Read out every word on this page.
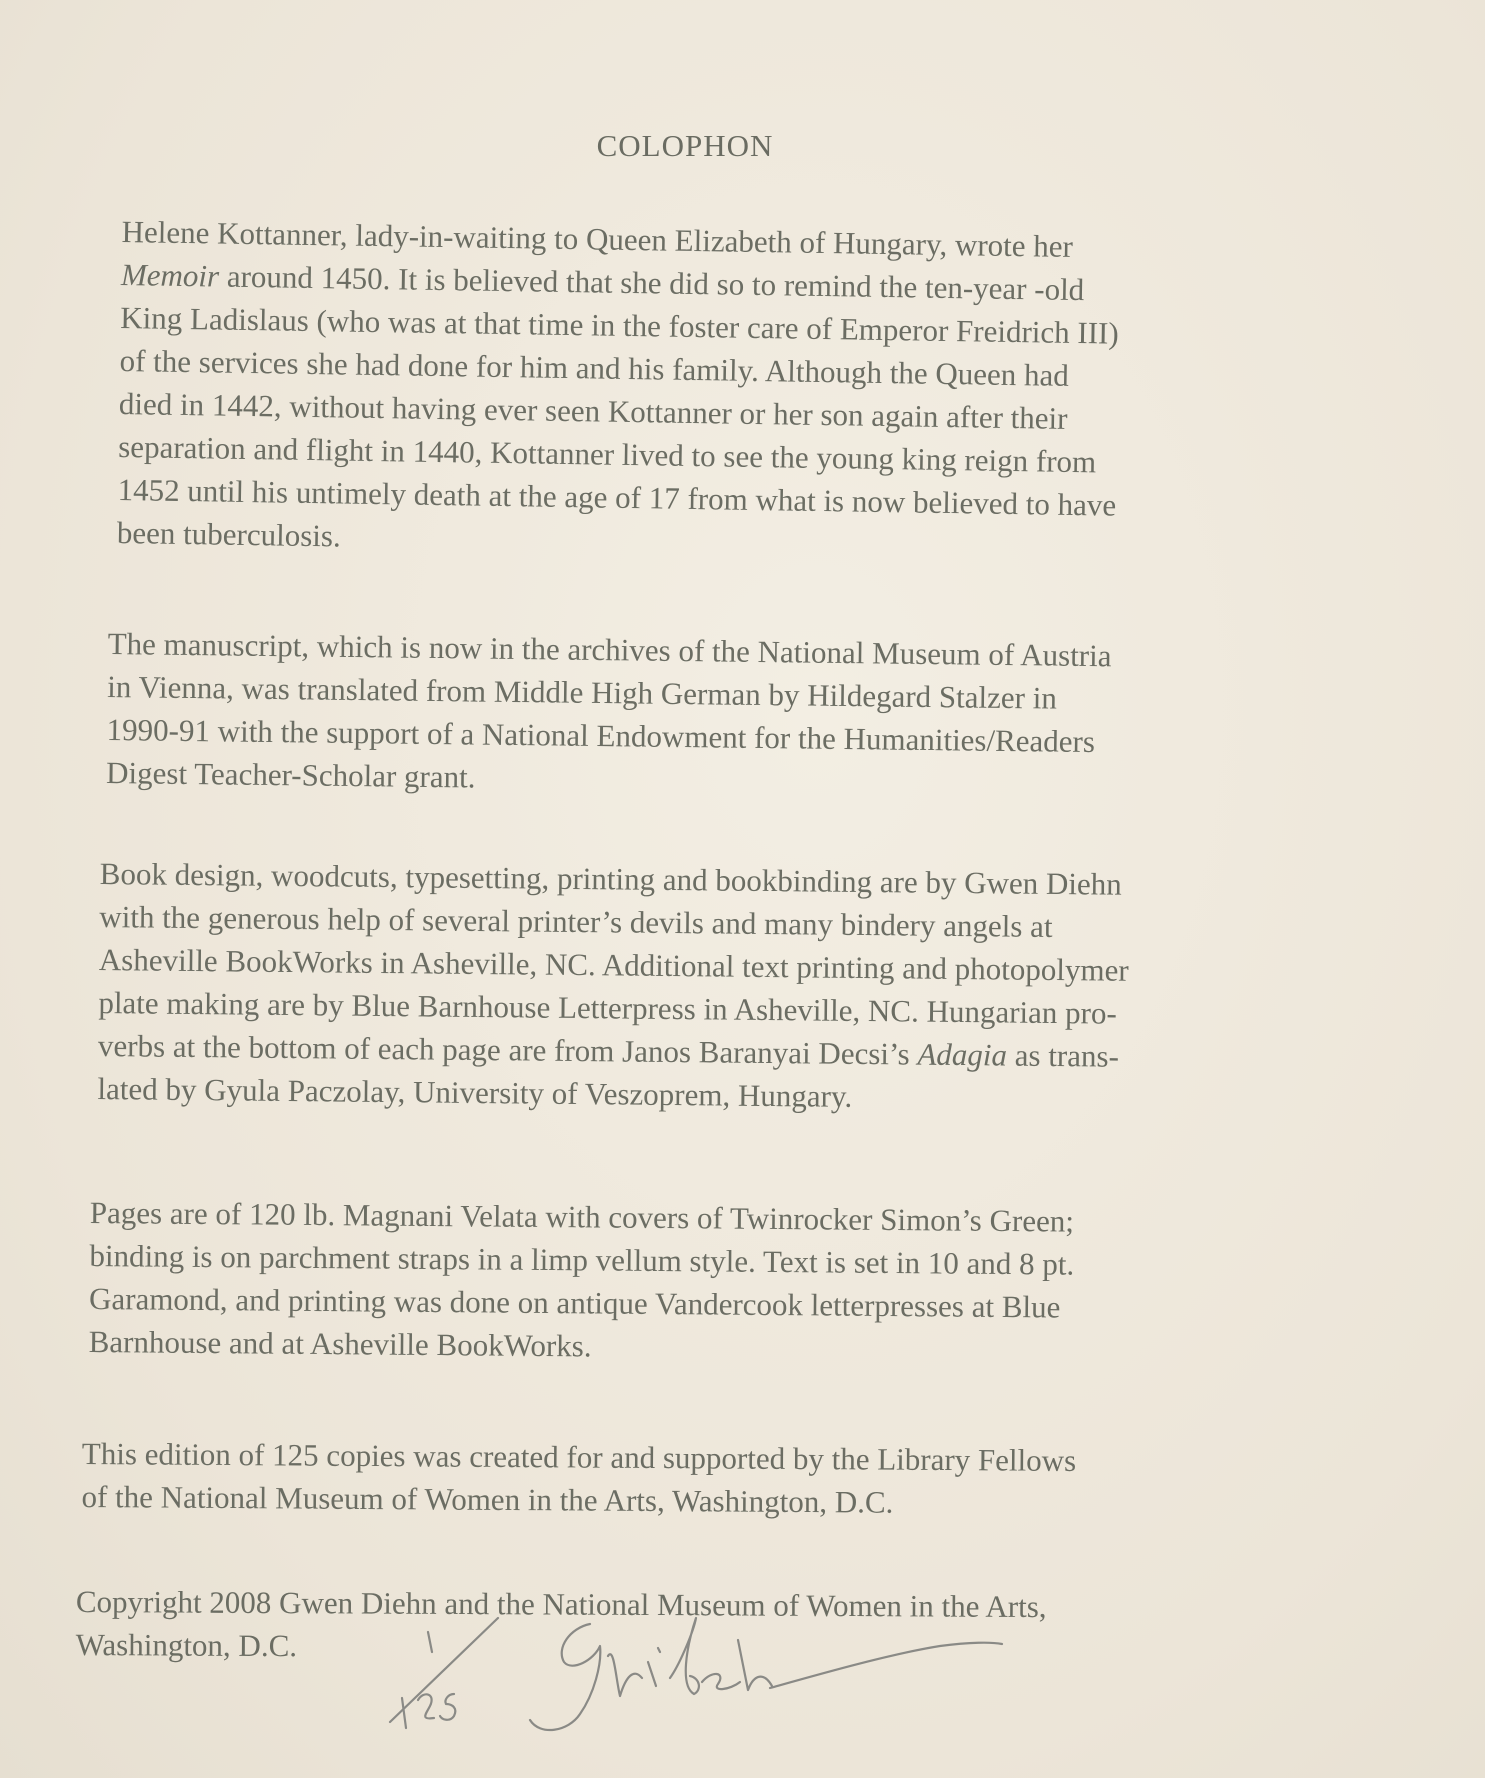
COLOPHON
Helene Kottanner, lady-in-waiting to Queen Elizabeth of Hungary, wrote her
Memoir around 1450. It is believed that she did so to remind the ten-year -old
King Ladislaus (who was at that time in the foster care of Emperor Freidrich III)
of the services she had done for him and his family. Although the Queen had
died in 1442, without having ever seen Kottanner or her son again after their
separation and flight in 1440, Kottanner lived to see the young king reign from
1452 until his untimely death at the age of 17 from what is now believed to have
been tuberculosis.
The manuscript, which is now in the archives of the National Museum of Austria
in Vienna, was translated from Middle High German by Hildegard Stalzer in
1990-91 with the support of a National Endowment for the Humanities/Readers
Digest Teacher-Scholar grant.
Book design, woodcuts, typesetting, printing and bookbinding are by Gwen Diehn
with the generous help of several printer’s devils and many bindery angels at
Asheville BookWorks in Asheville, NC. Additional text printing and photopolymer
plate making are by Blue Barnhouse Letterpress in Asheville, NC. Hungarian pro-
verbs at the bottom of each page are from Janos Baranyai Decsi’s Adagia as trans-
lated by Gyula Paczolay, University of Veszoprem, Hungary.
Pages are of 120 lb. Magnani Velata with covers of Twinrocker Simon’s Green;
binding is on parchment straps in a limp vellum style. Text is set in 10 and 8 pt.
Garamond, and printing was done on antique Vandercook letterpresses at Blue
Barnhouse and at Asheville BookWorks.
This edition of 125 copies was created for and supported by the Library Fellows
of the National Museum of Women in the Arts, Washington, D.C.
Copyright 2008 Gwen Diehn and the National Museum of Women in the Arts,
Washington, D.C.
1/125	G. Diehn
